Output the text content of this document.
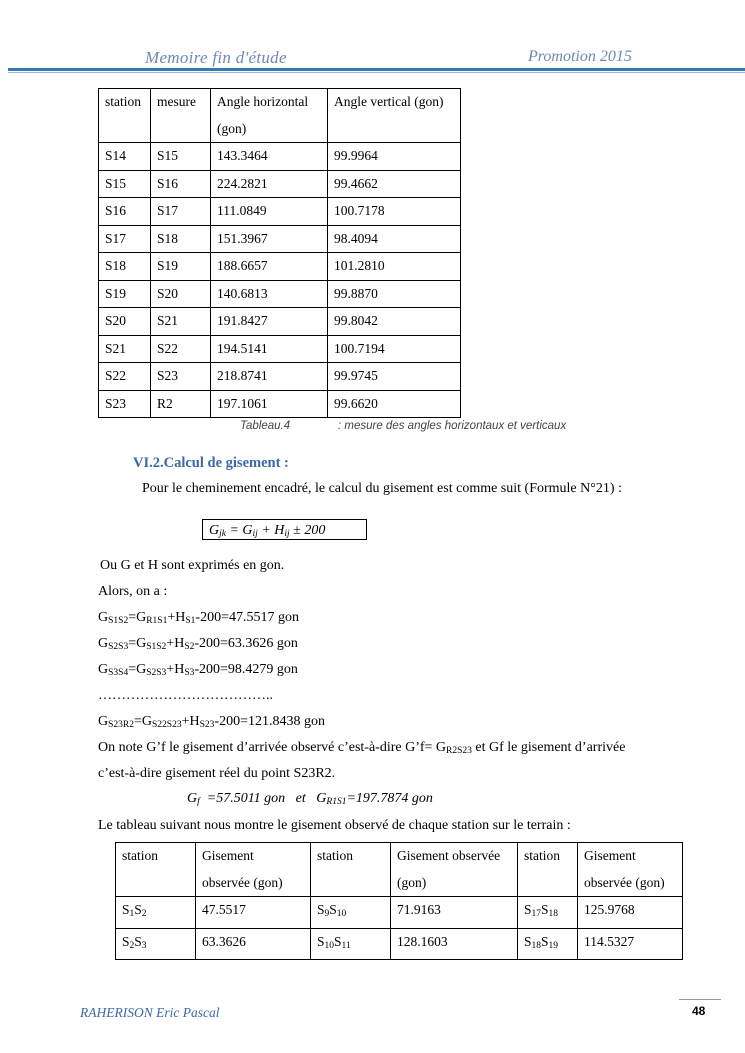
Memoire fin d'étude	Promotion 2015
station	mesure	Angle horizontal (gon)	Angle vertical (gon)
S14	S15	143.3464	99.9964
S15	S16	224.2821	99.4662
S16	S17	111.0849	100.7178
S17	S18	151.3967	98.4094
S18	S19	188.6657	101.2810
S19	S20	140.6813	99.8870
S20	S21	191.8427	99.8042
S21	S22	194.5141	100.7194
S22	S23	218.8741	99.9745
S23	R2	197.1061	99.6620
Tableau.4	: mesure des angles horizontaux et verticaux
VI.2.Calcul de gisement :
Pour le cheminement encadré, le calcul du gisement est comme suit (Formule N°21) :
$G_{jk} = G_{ij} + H_{ij} \pm 200$
Ou G et H sont exprimés en gon.
Alors, on a :
$G_{S1S2}=G_{R1S1}+H_{S1}-200=47.5517$ gon
$G_{S2S3}=G_{S1S2}+H_{S2}-200=63.3626$ gon
$G_{S3S4}=G_{S2S3}+H_{S3}-200=98.4279$ gon
………………………………..
$G_{S23R2}=G_{S22S23}+H_{S23}-200=121.8438$ gon
On note G’f le gisement d’arrivée observé c’est-à-dire G’f= $G_{R2S23}$ et Gf le gisement d’arrivée
c’est-à-dire gisement réel du point S23R2.
$G_f =57.5011$ gon   et   $G_{R1S1}=197.7874$ gon
Le tableau suivant nous montre le gisement observé de chaque station sur le terrain :
station	Gisement observée (gon)	station	Gisement observée (gon)	station	Gisement observée (gon)
$S_1S_2$	47.5517	$S_9S_{10}$	71.9163	$S_{17}S_{18}$	125.9768
$S_2S_3$	63.3626	$S_{10}S_{11}$	128.1603	$S_{18}S_{19}$	114.5327
RAHERISON Eric Pascal	48
